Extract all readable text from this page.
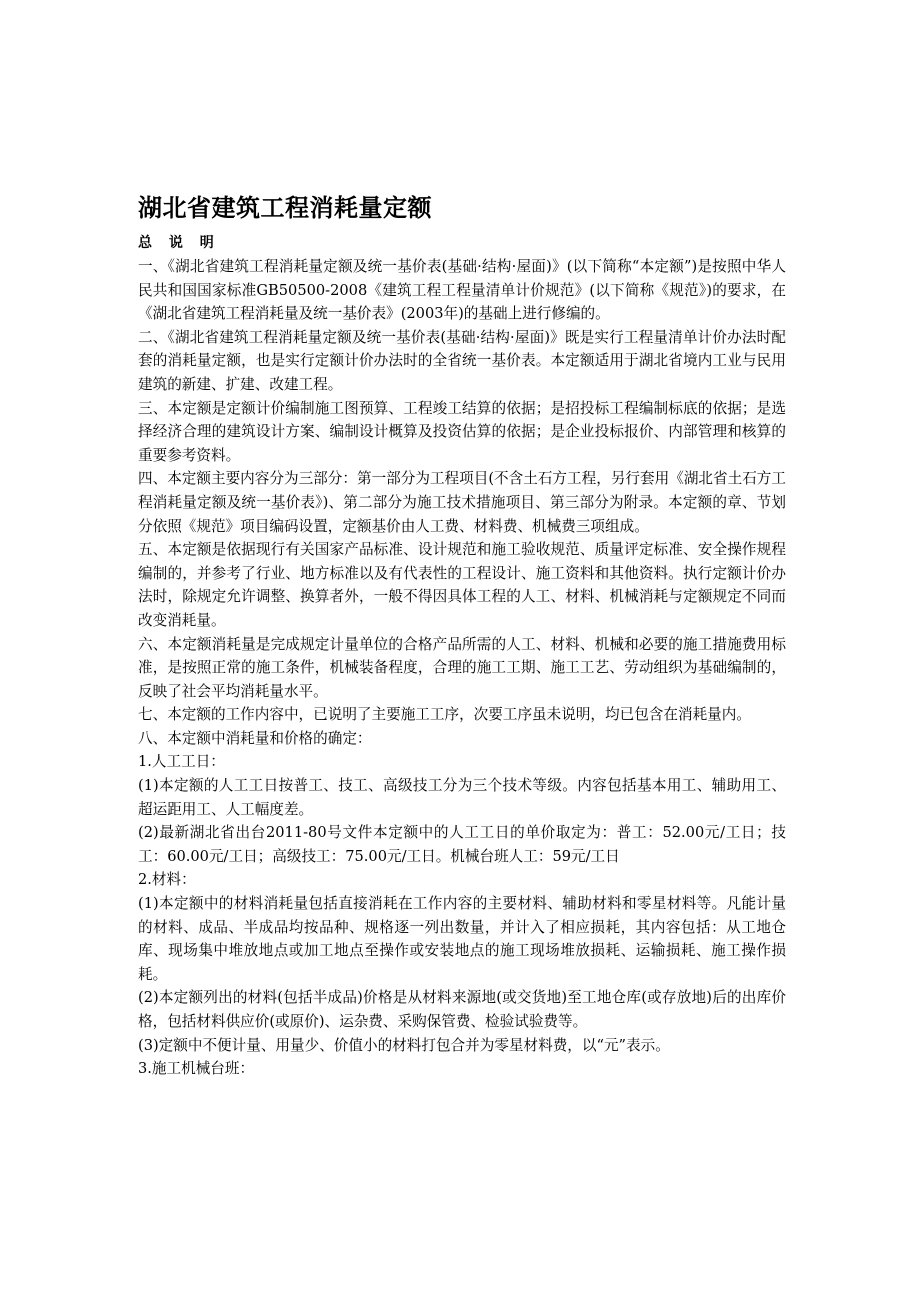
湖北省建筑工程消耗量定额
总 说 明

一、《湖北省建筑工程消耗量定额及统一基价表(基础·结构·屋面)》(以下简称“本定额”)是按照中华人民共和国国家标准GB50500-2008《建筑工程工程量清单计价规范》(以下简称《规范》)的要求，在《湖北省建筑工程消耗量及统一基价表》(2003年)的基础上进行修编的。

二、《湖北省建筑工程消耗量定额及统一基价表(基础·结构·屋面)》既是实行工程量清单计价办法时配套的消耗量定额，也是实行定额计价办法时的全省统一基价表。本定额适用于湖北省境内工业与民用建筑的新建、扩建、改建工程。

三、本定额是定额计价编制施工图预算、工程竣工结算的依据；是招投标工程编制标底的依据；是选择经济合理的建筑设计方案、编制设计概算及投资估算的依据；是企业投标报价、内部管理和核算的重要参考资料。

四、本定额主要内容分为三部分：第一部分为工程项目(不含土石方工程，另行套用《湖北省土石方工程消耗量定额及统一基价表》)、第二部分为施工技术措施项目、第三部分为附录。本定额的章、节划分依照《规范》项目编码设置，定额基价由人工费、材料费、机械费三项组成。

五、本定额是依据现行有关国家产品标准、设计规范和施工验收规范、质量评定标准、安全操作规程编制的，并参考了行业、地方标准以及有代表性的工程设计、施工资料和其他资料。执行定额计价办法时，除规定允许调整、换算者外，一般不得因具体工程的人工、材料、机械消耗与定额规定不同而改变消耗量。

六、本定额消耗量是完成规定计量单位的合格产品所需的人工、材料、机械和必要的施工措施费用标准，是按照正常的施工条件，机械装备程度，合理的施工工期、施工工艺、劳动组织为基础编制的，反映了社会平均消耗量水平。

七、本定额的工作内容中，已说明了主要施工工序，次要工序虽未说明，均已包含在消耗量内。

八、本定额中消耗量和价格的确定：

1.人工工日：

(1)本定额的人工工日按普工、技工、高级技工分为三个技术等级。内容包括基本用工、辅助用工、超运距用工、人工幅度差。

(2)最新湖北省出台2011-80号文件本定额中的人工工日的单价取定为：普工：52.00元/工日；技工：60.00元/工日；高级技工：75.00元/工日。机械台班人工：59元/工日

2.材料：

(1)本定额中的材料消耗量包括直接消耗在工作内容的主要材料、辅助材料和零星材料等。凡能计量的材料、成品、半成品均按品种、规格逐一列出数量，并计入了相应损耗，其内容包括：从工地仓库、现场集中堆放地点或加工地点至操作或安装地点的施工现场堆放损耗、运输损耗、施工操作损耗。

(2)本定额列出的材料(包括半成品)价格是从材料来源地(或交货地)至工地仓库(或存放地)后的出库价格，包括材料供应价(或原价)、运杂费、采购保管费、检验试验费等。

(3)定额中不便计量、用量少、价值小的材料打包合并为零星材料费，以“元”表示。

3.施工机械台班：
